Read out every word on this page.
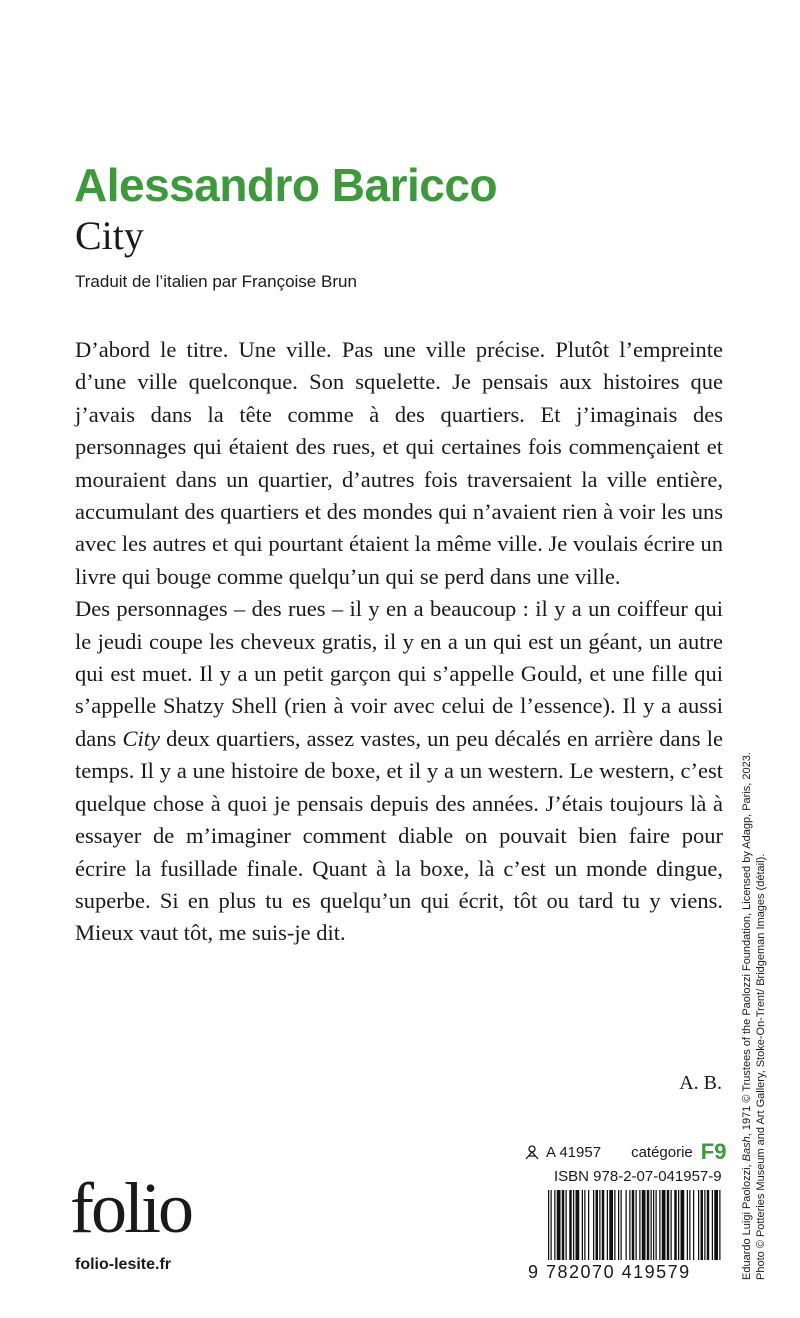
Alessandro Baricco
City
Traduit de l’italien par Françoise Brun

D’abord le titre. Une ville. Pas une ville précise. Plutôt l’empreinte d’une ville quelconque. Son squelette. Je pensais aux histoires que j’avais dans la tête comme à des quartiers. Et j’imaginais des personnages qui étaient des rues, et qui certaines fois commençaient et mouraient dans un quartier, d’autres fois traversaient la ville entière, accumulant des quartiers et des mondes qui n’avaient rien à voir les uns avec les autres et qui pourtant étaient la même ville. Je voulais écrire un livre qui bouge comme quelqu’un qui se perd dans une ville.

Des personnages – des rues – il y en a beaucoup : il y a un coiffeur qui le jeudi coupe les cheveux gratis, il y en a un qui est un géant, un autre qui est muet. Il y a un petit garçon qui s’appelle Gould, et une fille qui s’appelle Shatzy Shell (rien à voir avec celui de l’essence). Il y a aussi dans City deux quartiers, assez vastes, un peu décalés en arrière dans le temps. Il y a une histoire de boxe, et il y a un western. Le western, c’est quelque chose à quoi je pensais depuis des années. J’étais toujours là à essayer de m’imaginer comment diable on pouvait bien faire pour écrire la fusillade finale. Quant à la boxe, là c’est un monde dingue, superbe. Si en plus tu es quelqu’un qui écrit, tôt ou tard tu y viens. Mieux vaut tôt, me suis-je dit.

A. B.
A 41957 catégorie F9
ISBN 978-2-07-041957-9
folio
folio-lesite.fr	9 782070 419579	Eduardo Luigi Paolozzi, Bash, 1971 © Trustees of the Paolozzi Foundation, Licensed by Adagp, Paris, 2023. Photo © Potteries Museum and Art Gallery, Stoke-On-Trent/ Bridgeman Images (détail).
